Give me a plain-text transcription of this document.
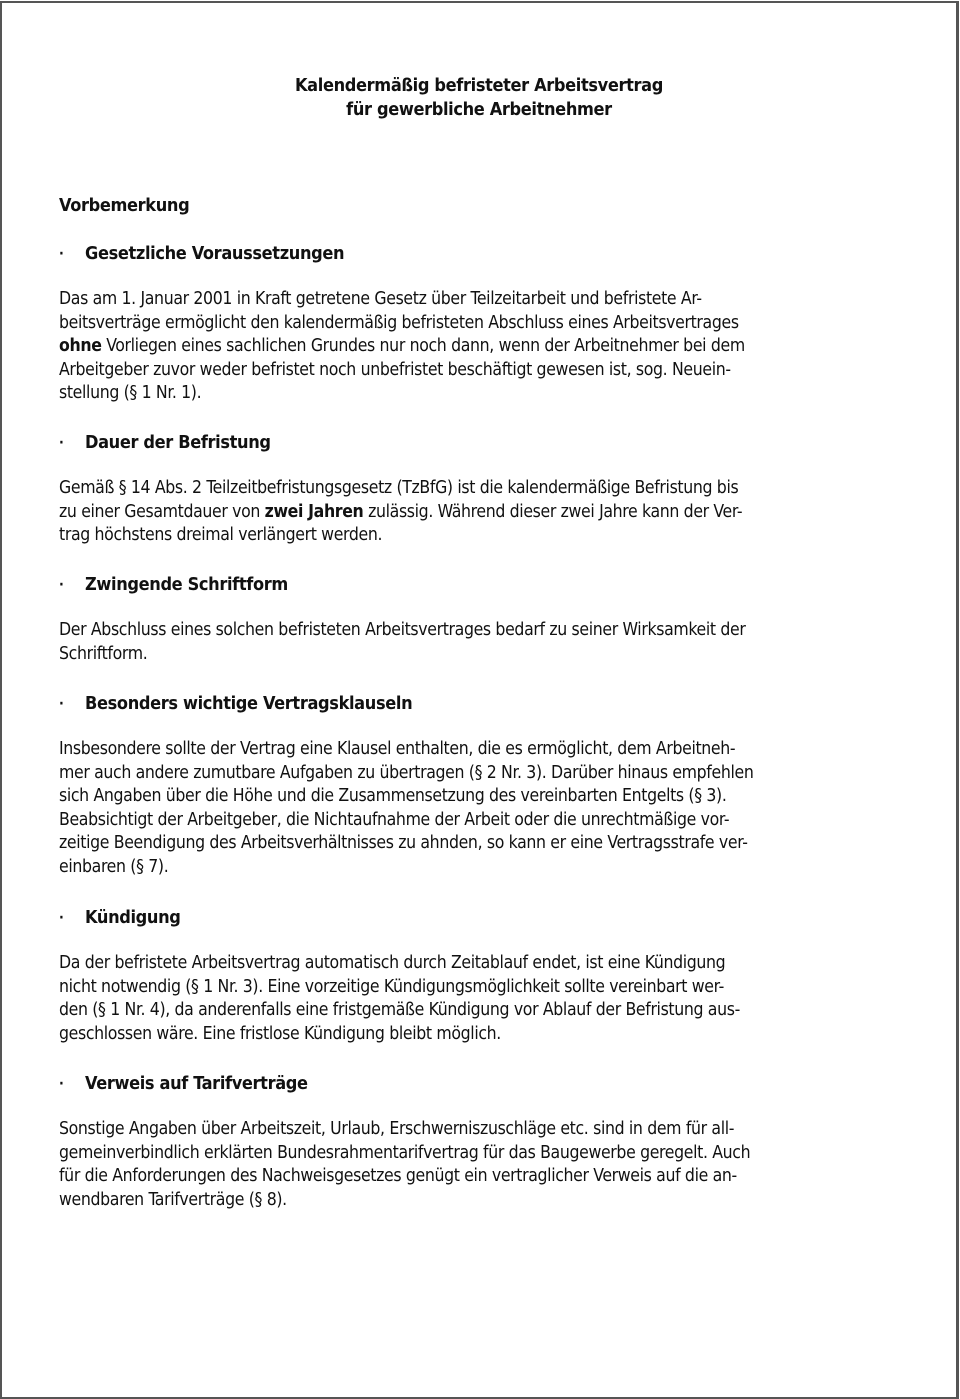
Kalendermäßig befristeter Arbeitsvertrag
für gewerbliche Arbeitnehmer
Vorbemerkung
·	Gesetzliche Voraussetzungen

Das am 1. Januar 2001 in Kraft getretene Gesetz über Teilzeitarbeit und befristete Ar-

beitsverträge ermöglicht den kalendermäßig befristeten Abschluss eines Arbeitsvertrages

ohne Vorliegen eines sachlichen Grundes nur noch dann, wenn der Arbeitnehmer bei dem

Arbeitgeber zuvor weder befristet noch unbefristet beschäftigt gewesen ist, sog. Neuein-

stellung (§ 1 Nr. 1).

·	Dauer der Befristung

Gemäß § 14 Abs. 2 Teilzeitbefristungsgesetz (TzBfG) ist die kalendermäßige Befristung bis

zu einer Gesamtdauer von zwei Jahren zulässig. Während dieser zwei Jahre kann der Ver-

trag höchstens dreimal verlängert werden.

·	Zwingende Schriftform

Der Abschluss eines solchen befristeten Arbeitsvertrages bedarf zu seiner Wirksamkeit der

Schriftform.

·	Besonders wichtige Vertragsklauseln

Insbesondere sollte der Vertrag eine Klausel enthalten, die es ermöglicht, dem Arbeitneh-

mer auch andere zumutbare Aufgaben zu übertragen (§ 2 Nr. 3). Darüber hinaus empfehlen

sich Angaben über die Höhe und die Zusammensetzung des vereinbarten Entgelts (§ 3).

Beabsichtigt der Arbeitgeber, die Nichtaufnahme der Arbeit oder die unrechtmäßige vor-

zeitige Beendigung des Arbeitsverhältnisses zu ahnden, so kann er eine Vertragsstrafe ver-

einbaren (§ 7).

·	Kündigung

Da der befristete Arbeitsvertrag automatisch durch Zeitablauf endet, ist eine Kündigung

nicht notwendig (§ 1 Nr. 3). Eine vorzeitige Kündigungsmöglichkeit sollte vereinbart wer-

den (§ 1 Nr. 4), da anderenfalls eine fristgemäße Kündigung vor Ablauf der Befristung aus-

geschlossen wäre. Eine fristlose Kündigung bleibt möglich.

·	Verweis auf Tarifverträge

Sonstige Angaben über Arbeitszeit, Urlaub, Erschwerniszuschläge etc. sind in dem für all-

gemeinverbindlich erklärten Bundesrahmentarifvertrag für das Baugewerbe geregelt. Auch

für die Anforderungen des Nachweisgesetzes genügt ein vertraglicher Verweis auf die an-

wendbaren Tarifverträge (§ 8).
